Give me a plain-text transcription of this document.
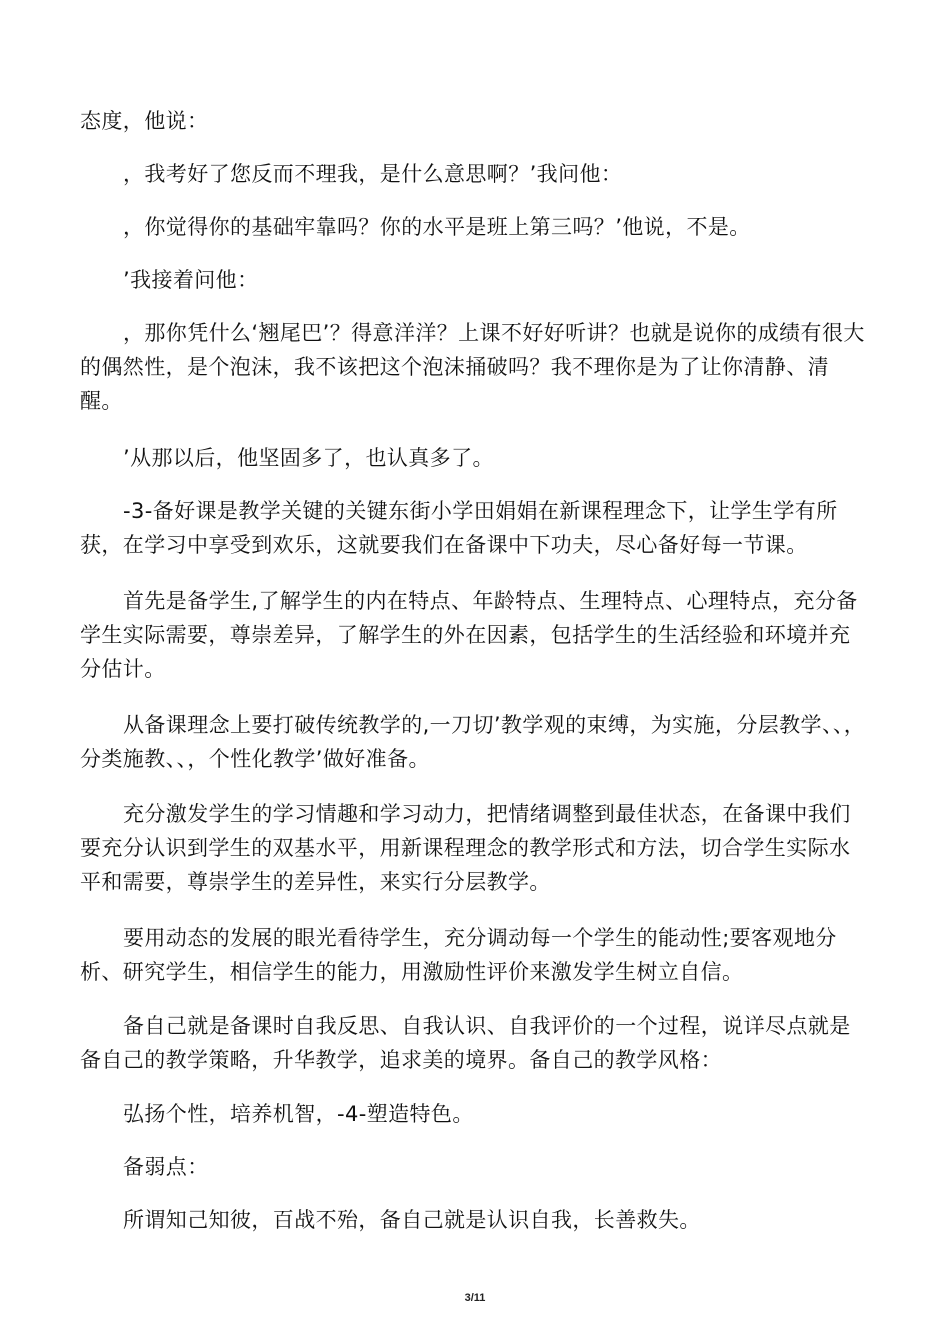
态度，他说：

，我考好了您反而不理我，是什么意思啊？’我问他：

，你觉得你的基础牢靠吗？你的水平是班上第三吗？’他说，不是。

’我接着问他：

，那你凭什么‘翘尾巴’？得意洋洋？上课不好好听讲？也就是说你的成绩有很大的偶然性，是个泡沫，我不该把这个泡沫捅破吗？我不理你是为了让你清静、清醒。

’从那以后，他坚固多了，也认真多了。

-3-备好课是教学关键的关键东街小学田娟娟在新课程理念下，让学生学有所获，在学习中享受到欢乐，这就要我们在备课中下功夫，尽心备好每一节课。

首先是备学生,了解学生的内在特点、年龄特点、生理特点、心理特点，充分备学生实际需要，尊崇差异，了解学生的外在因素，包括学生的生活经验和环境并充分估计。

从备课理念上要打破传统教学的,一刀切’教学观的束缚，为实施，分层教学、、，分类施教、、，个性化教学’做好准备。

充分激发学生的学习情趣和学习动力，把情绪调整到最佳状态，在备课中我们要充分认识到学生的双基水平，用新课程理念的教学形式和方法，切合学生实际水平和需要，尊崇学生的差异性，来实行分层教学。

要用动态的发展的眼光看待学生，充分调动每一个学生的能动性;要客观地分析、研究学生，相信学生的能力，用激励性评价来激发学生树立自信。

备自己就是备课时自我反思、自我认识、自我评价的一个过程，说详尽点就是备自己的教学策略，升华教学，追求美的境界。备自己的教学风格：

弘扬个性，培养机智，-4-塑造特色。

备弱点：

所谓知己知彼，百战不殆，备自己就是认识自我，长善救失。

3/11
